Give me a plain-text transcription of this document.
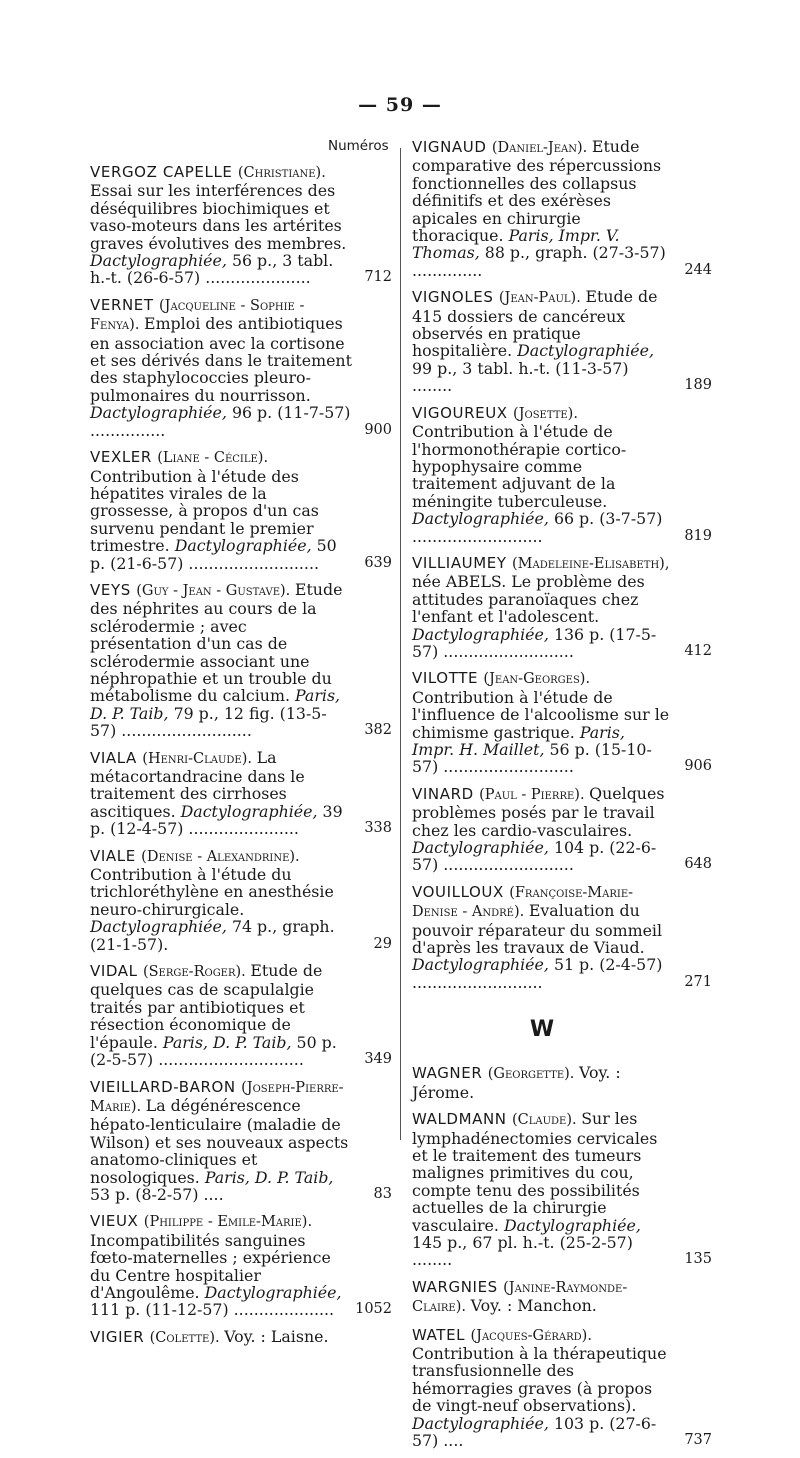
— 59 —
Numéros
VERGOZ CAPELLE (Christiane). Essai sur les interférences des déséquilibres biochimiques et vaso-moteurs dans les artérites graves évolutives des membres. Dactylographiée, 56 p., 3 tabl. h.-t. (26-6-57) .....................	712
VERNET (Jacqueline - Sophie - Fenya). Emploi des antibiotiques en association avec la cortisone et ses dérivés dans le traitement des staphylococcies pleuro-pulmonaires du nourrisson. Dactylographiée, 96 p. (11-7-57) ...............	900
VEXLER (Liane - Cécile). Contribution à l'étude des hépatites virales de la grossesse, à propos d'un cas survenu pendant le premier trimestre. Dactylographiée, 50 p. (21-6-57) ..........................	639
VEYS (Guy - Jean - Gustave). Etude des néphrites au cours de la sclérodermie ; avec présentation d'un cas de sclérodermie associant une néphropathie et un trouble du métabolisme du calcium. Paris, D. P. Taib, 79 p., 12 fig. (13-5-57) ..........................	382
VIALA (Henri-Claude). La métacortandracine dans le traitement des cirrhoses ascitiques. Dactylographiée, 39 p. (12-4-57) ......................	338
VIALE (Denise - Alexandrine). Contribution à l'étude du trichloréthylène en anesthésie neuro-chirurgicale. Dactylographiée, 74 p., graph. (21-1-57).	29
VIDAL (Serge-Roger). Etude de quelques cas de scapulalgie traités par antibiotiques et résection économique de l'épaule. Paris, D. P. Taib, 50 p. (2-5-57) .............................	349
VIEILLARD-BARON (Joseph-Pierre-Marie). La dégénérescence hépato-lenticulaire (maladie de Wilson) et ses nouveaux aspects anatomo-cliniques et nosologiques. Paris, D. P. Taib, 53 p. (8-2-57) ....	83
VIEUX (Philippe - Emile-Marie). Incompatibilités sanguines fœto-maternelles ; expérience du Centre hospitalier d'Angoulême. Dactylographiée, 111 p. (11-12-57) .................... 1052
VIGIER (Colette). Voy. : Laisne.
VIGNAUD (Daniel-Jean). Etude comparative des répercussions fonctionnelles des collapsus définitifs et des exérèses apicales en chirurgie thoracique. Paris, Impr. V. Thomas, 88 p., graph. (27-3-57) ..............	244
VIGNOLES (Jean-Paul). Etude de 415 dossiers de cancéreux observés en pratique hospitalière. Dactylographiée, 99 p., 3 tabl. h.-t. (11-3-57) ........	189
VIGOUREUX (Josette). Contribution à l'étude de l'hormonothérapie cortico-hypophysaire comme traitement adjuvant de la méningite tuberculeuse. Dactylographiée, 66 p. (3-7-57) ..........................	819
VILLIAUMEY (Madeleine-Elisabeth), née ABELS. Le problème des attitudes paranoïaques chez l'enfant et l'adolescent. Dactylographiée, 136 p. (17-5-57) ..........................	412
VILOTTE (Jean-Georges). Contribution à l'étude de l'influence de l'alcoolisme sur le chimisme gastrique. Paris, Impr. H. Maillet, 56 p. (15-10-57) ..........................	906
VINARD (Paul - Pierre). Quelques problèmes posés par le travail chez les cardio-vasculaires. Dactylographiée, 104 p. (22-6-57) ..........................	648
VOUILLOUX (Françoise-Marie-Denise - André). Evaluation du pouvoir réparateur du sommeil d'après les travaux de Viaud. Dactylographiée, 51 p. (2-4-57) ..........................	271
W
WAGNER (Georgette). Voy. : Jérome.
WALDMANN (Claude). Sur les lymphadénectomies cervicales et le traitement des tumeurs malignes primitives du cou, compte tenu des possibilités actuelles de la chirurgie vasculaire. Dactylographiée, 145 p., 67 pl. h.-t. (25-2-57) ........	135
WARGNIES (Janine-Raymonde-Claire). Voy. : Manchon.
WATEL (Jacques-Gérard). Contribution à la thérapeutique transfusionnelle des hémorragies graves (à propos de vingt-neuf observations). Dactylographiée, 103 p. (27-6-57) ....	737
